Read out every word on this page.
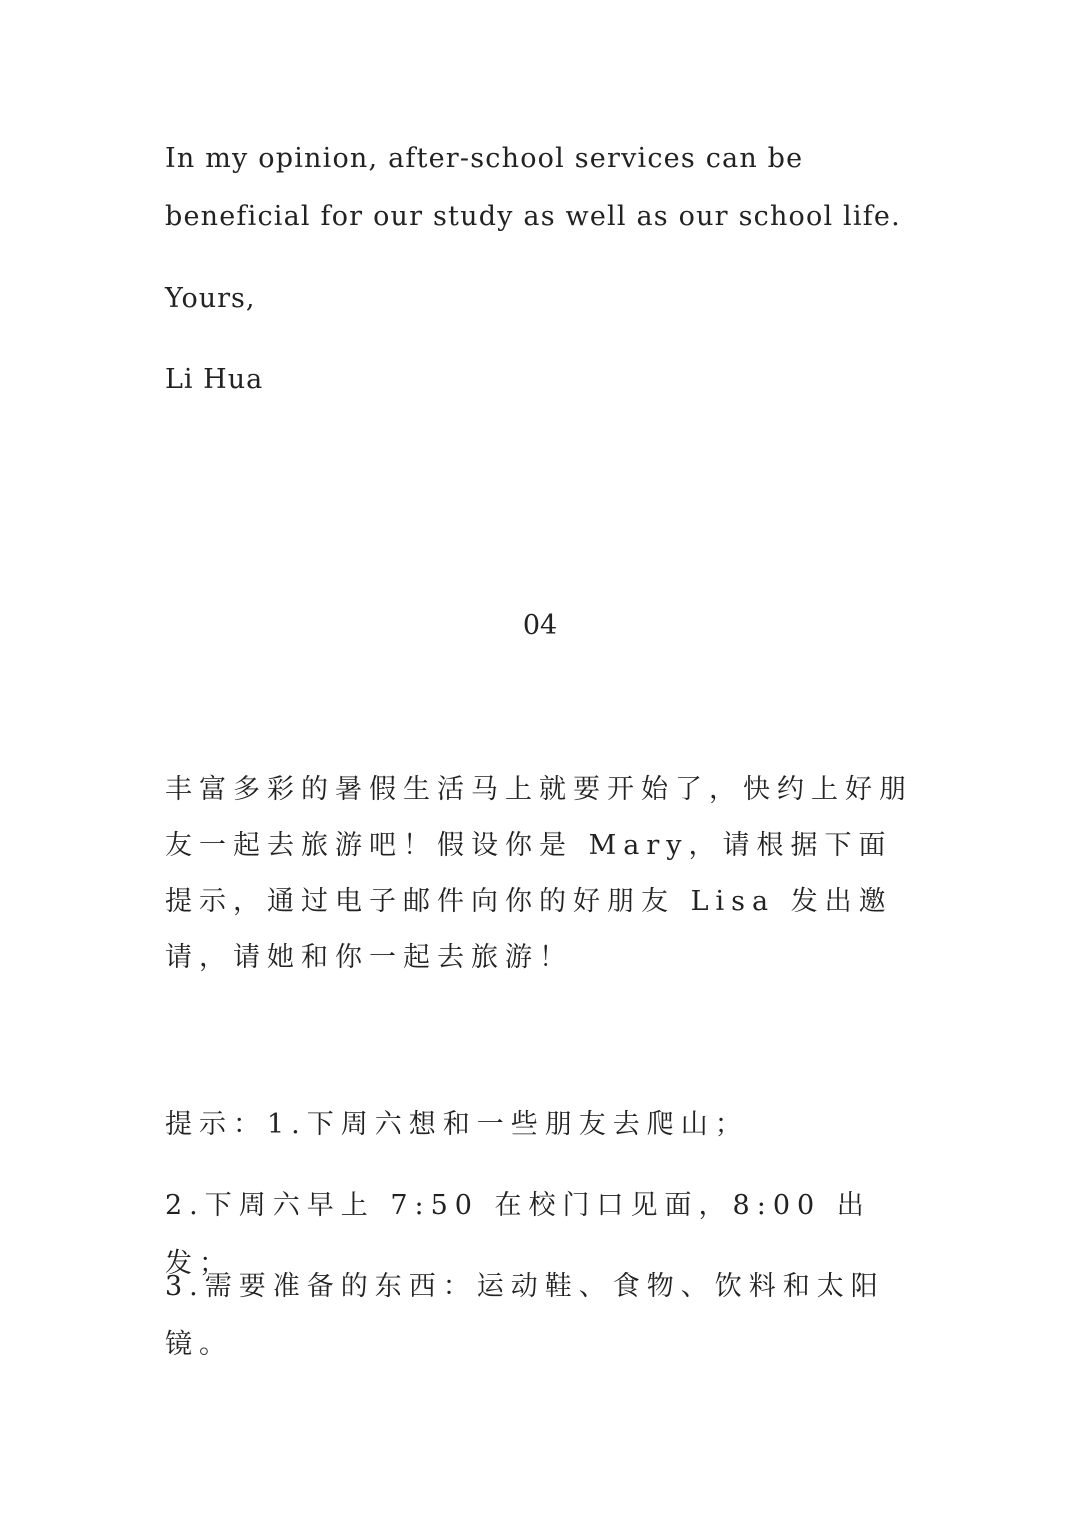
In my opinion, after-school services can be beneficial for our study as well as our school life.

Yours,

Li Hua

04

丰富多彩的暑假生活马上就要开始了，快约上好朋友一起去旅游吧！假设你是 Mary，请根据下面提示，通过电子邮件向你的好朋友 Lisa 发出邀请，请她和你一起去旅游！

提示：1.下周六想和一些朋友去爬山；

2.下周六早上 7:50 在校门口见面，8:00 出发；

3.需要准备的东西：运动鞋、食物、饮料和太阳镜。
